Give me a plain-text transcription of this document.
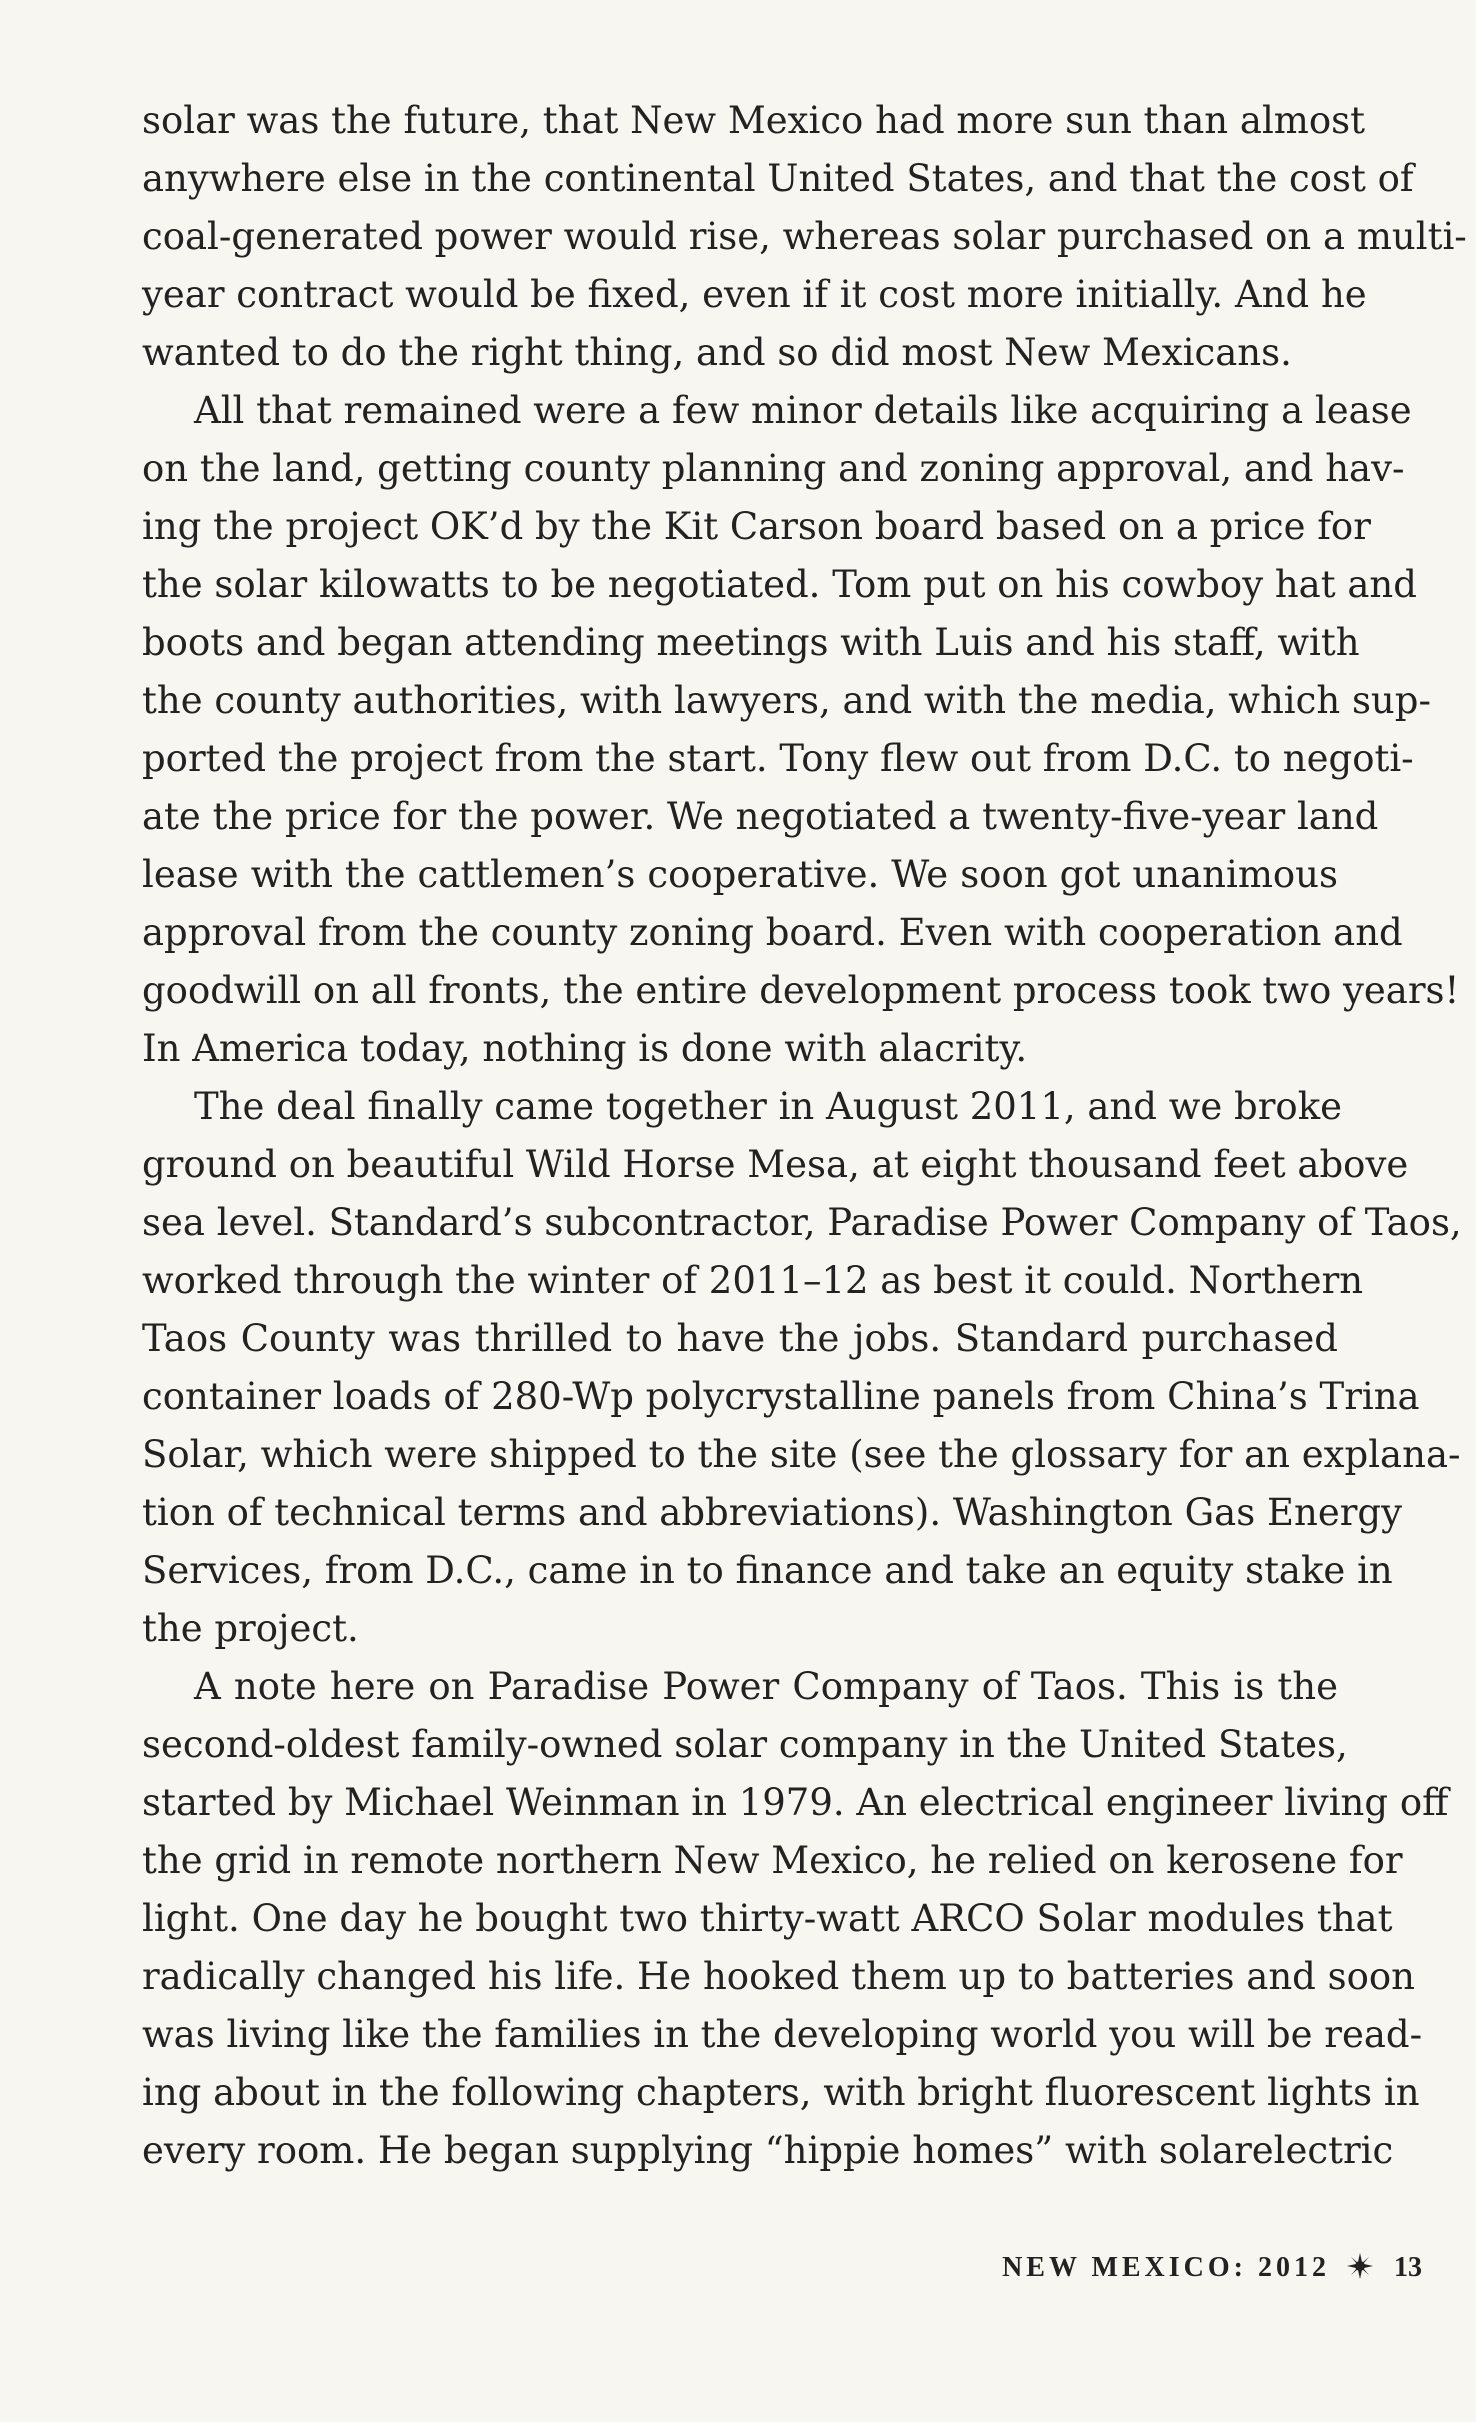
solar was the future, that New Mexico had more sun than almost
anywhere else in the continental United States, and that the cost of
coal-generated power would rise, whereas solar purchased on a multi-
year contract would be fixed, even if it cost more initially. And he
wanted to do the right thing, and so did most New Mexicans.
All that remained were a few minor details like acquiring a lease
on the land, getting county planning and zoning approval, and hav-
ing the project OK’d by the Kit Carson board based on a price for
the solar kilowatts to be negotiated. Tom put on his cowboy hat and
boots and began attending meetings with Luis and his staff, with
the county authorities, with lawyers, and with the media, which sup-
ported the project from the start. Tony flew out from D.C. to negoti-
ate the price for the power. We negotiated a twenty-five-year land
lease with the cattlemen’s cooperative. We soon got unanimous
approval from the county zoning board. Even with cooperation and
goodwill on all fronts, the entire development process took two years!
In America today, nothing is done with alacrity.
The deal finally came together in August 2011, and we broke
ground on beautiful Wild Horse Mesa, at eight thousand feet above
sea level. Standard’s subcontractor, Paradise Power Company of Taos,
worked through the winter of 2011–12 as best it could. Northern
Taos County was thrilled to have the jobs. Standard purchased
container loads of 280-Wp polycrystalline panels from China’s Trina
Solar, which were shipped to the site (see the glossary for an explana-
tion of technical terms and abbreviations). Washington Gas Energy
Services, from D.C., came in to finance and take an equity stake in
the project.
A note here on Paradise Power Company of Taos. This is the
second-oldest family-owned solar company in the United States,
started by Michael Weinman in 1979. An electrical engineer living off
the grid in remote northern New Mexico, he relied on kerosene for
light. One day he bought two thirty-watt ARCO Solar modules that
radically changed his life. He hooked them up to batteries and soon
was living like the families in the developing world you will be read-
ing about in the following chapters, with bright fluorescent lights in
every room. He began supplying “hippie homes” with solarelectric
NEW MEXICO: 2012 13
